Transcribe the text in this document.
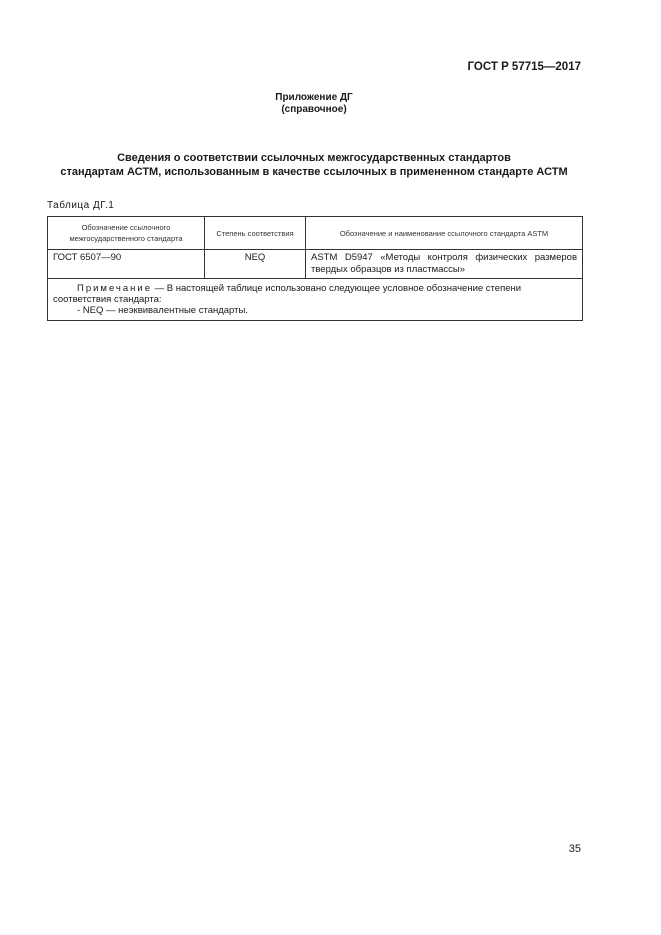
ГОСТ Р 57715—2017
Приложение ДГ
(справочное)
Сведения о соответствии ссылочных межгосударственных стандартов
стандартам АСТМ, использованным в качестве ссылочных в примененном стандарте АСТМ
Таблица ДГ.1
Обозначение ссылочного межгосударственного стандарта	Степень соответствия	Обозначение и наименование ссылочного стандарта ASTM
ГОСТ 6507—90	NEQ	ASTM D5947 «Методы контроля физических размеров твердых образцов из пластмассы»

Примечание — В настоящей таблице использовано следующее условное обозначение степени соответствия стандарта:
- NEQ — неэквивалентные стандарты.		
35
